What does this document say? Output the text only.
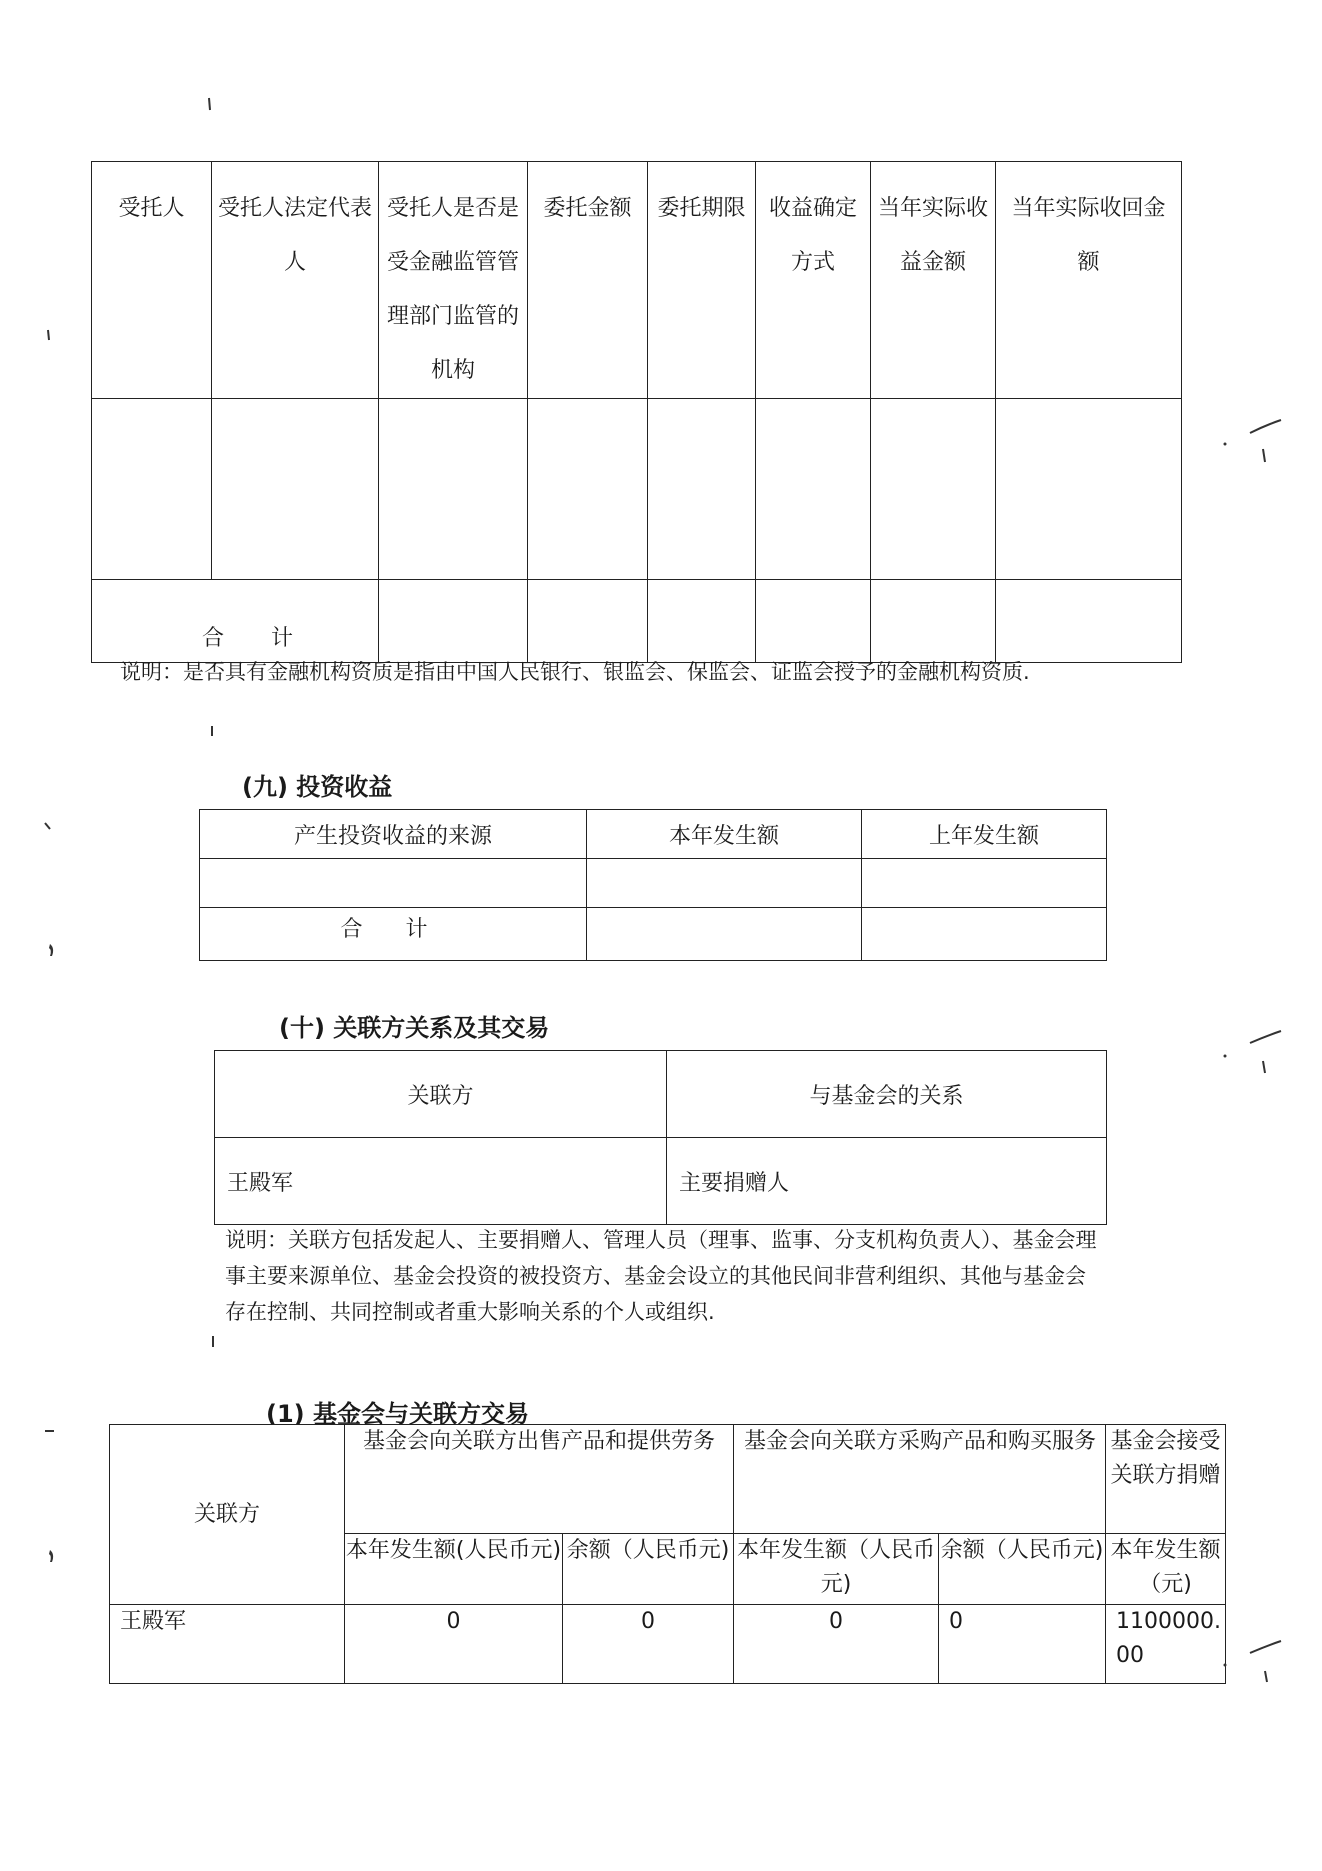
受托人	受托人法定代表人	受托人是否是受金融监管管理部门监管的机构	委托金额	委托期限	收益确定方式	当年实际收益金额	当年实际收回金额

合 计							
说明：是否具有金融机构资质是指由中国人民银行、银监会、保监会、证监会授予的金融机构资质.
(九) 投资收益
产生投资收益的来源	本年发生额	上年发生额

合 计		
(十) 关联方关系及其交易
关联方	与基金会的关系
王殿军	主要捐赠人
说明：关联方包括发起人、主要捐赠人、管理人员（理事、监事、分支机构负责人）、基金会理事主要来源单位、基金会投资的被投资方、基金会设立的其他民间非营利组织、其他与基金会存在控制、共同控制或者重大影响关系的个人或组织.
(1) 基金会与关联方交易
关联方	基金会向关联方出售产品和提供劳务		基金会向关联方采购产品和购买服务		基金会接受关联方捐赠
	本年发生额(人民币元)	余额（人民币元)	本年发生额（人民币元)	余额（人民币元)	本年发生额（元)
王殿军	0	0	0	0	1100000.00
